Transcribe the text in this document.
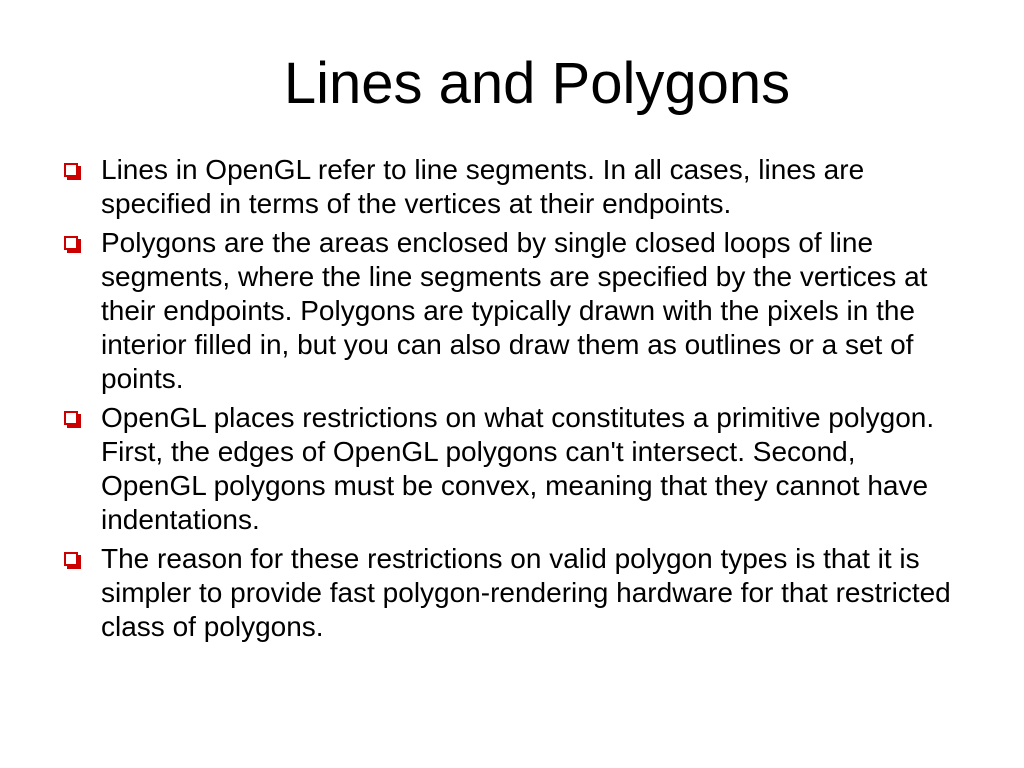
Lines and Polygons
Lines in OpenGL refer to line segments. In all cases, lines are specified in terms of the vertices at their endpoints.
Polygons are the areas enclosed by single closed loops of line segments, where the line segments are specified by the vertices at their endpoints. Polygons are typically drawn with the pixels in the interior filled in, but you can also draw them as outlines or a set of points.
OpenGL places restrictions on what constitutes a primitive polygon. First, the edges of OpenGL polygons can't intersect. Second, OpenGL polygons must be convex, meaning that they cannot have indentations.
The reason for these restrictions on valid polygon types is that it is simpler to provide fast polygon-rendering hardware for that restricted class of polygons.
